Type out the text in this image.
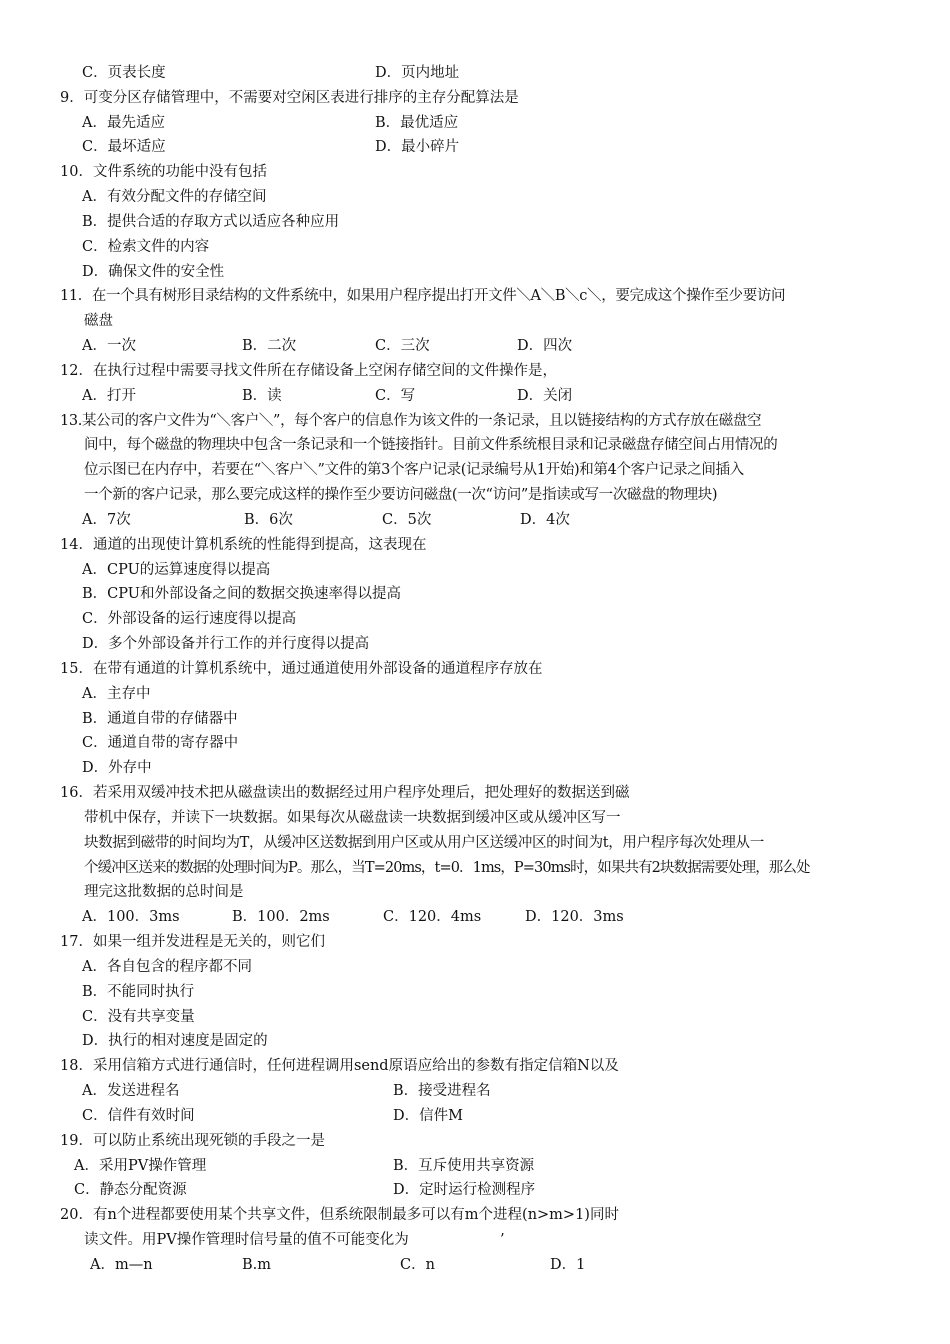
C．页表长度	D．页内地址
9．可变分区存储管理中，不需要对空闲区表进行排序的主存分配算法是
A．最先适应	B．最优适应
C．最坏适应	D．最小碎片
10．文件系统的功能中没有包括
A．有效分配文件的存储空间
B．提供合适的存取方式以适应各种应用
C．检索文件的内容
D．确保文件的安全性
11．在一个具有树形目录结构的文件系统中，如果用户程序提出打开文件＼A＼B＼c＼，要完成这个操作至少要访问
磁盘
A．一次	B．二次	C．三次	D．四次
12．在执行过程中需要寻找文件所在存储设备上空闲存储空间的文件操作是，
A．打开	B．读	C．写	D．关闭
13.某公司的客户文件为“＼客户＼”，每个客户的信息作为该文件的一条记录，且以链接结构的方式存放在磁盘空
间中，每个磁盘的物理块中包含一条记录和一个链接指针。目前文件系统根目录和记录磁盘存储空间占用情况的
位示图已在内存中，若要在“＼客户＼”文件的第3个客户记录(记录编号从1开始)和第4个客户记录之间插入
一个新的客户记录，那么要完成这样的操作至少要访问磁盘(一次“访问”是指读或写一次磁盘的物理块)
A．7次	B．6次	C．5次	D．4次
14．通道的出现使计算机系统的性能得到提高，这表现在
A．CPU的运算速度得以提高
B．CPU和外部设备之间的数据交换速率得以提高
C．外部设备的运行速度得以提高
D．多个外部设备并行工作的并行度得以提高
15．在带有通道的计算机系统中，通过通道使用外部设备的通道程序存放在
A．主存中
B．通道自带的存储器中
C．通道自带的寄存器中
D．外存中
16．若采用双缓冲技术把从磁盘读出的数据经过用户程序处理后，把处理好的数据送到磁
带机中保存，并读下一块数据。如果每次从磁盘读一块数据到缓冲区或从缓冲区写一
块数据到磁带的时间均为T，从缓冲区送数据到用户区或从用户区送缓冲区的时间为t，用户程序每次处理从一
个缓冲区送来的数据的处理时间为P。那么，当T=20ms，t=0．1ms，P=30ms时，如果共有2块数据需要处理，那么处
理完这批数据的总时间是
A．100．3ms	B．100．2ms	C．120．4ms	D．120．3ms
17．如果一组并发进程是无关的，则它们
A．各自包含的程序都不同
B．不能同时执行
C．没有共享变量
D．执行的相对速度是固定的
18．采用信箱方式进行通信时，任何进程调用send原语应给出的参数有指定信箱N以及
A．发送进程名	B．接受进程名
C．信件有效时间	D．信件M
19．可以防止系统出现死锁的手段之一是
A．采用PV操作管理	B．互斥使用共享资源
C．静态分配资源	D．定时运行检测程序
20．有n个进程都要使用某个共享文件，但系统限制最多可以有m个进程(n>m>1)同时
读文件。用PV操作管理时信号量的值不可能变化为	’
A．m—n	B.m	C．n	D．1
